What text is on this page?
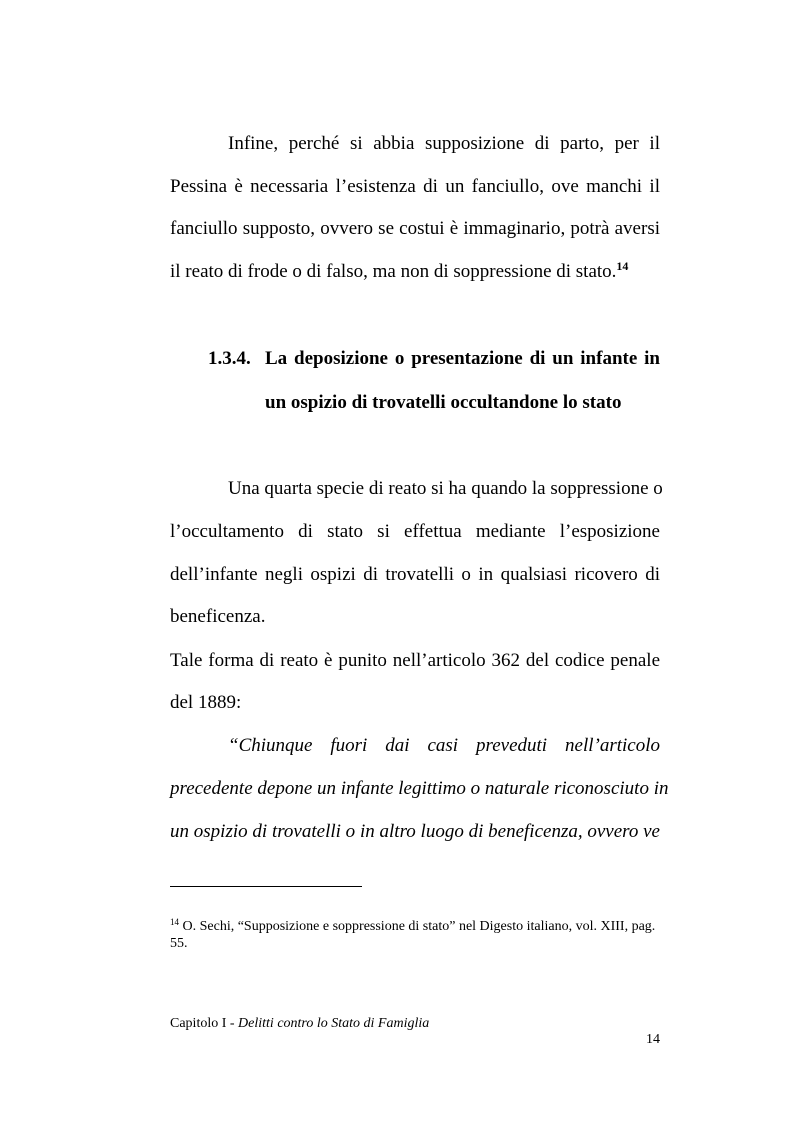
Infine, perché si abbia supposizione di parto, per il
Pessina è necessaria l’esistenza di un fanciullo, ove manchi il
fanciullo supposto, ovvero se costui è immaginario, potrà aversi
il reato di frode o di falso, ma non di soppressione di stato.$^{14}$
1.3.4. La deposizione o presentazione di un infante in
un ospizio di trovatelli occultandone lo stato
Una quarta specie di reato si ha quando la soppressione o
l’occultamento di stato si effettua mediante l’esposizione
dell’infante negli ospizi di trovatelli o in qualsiasi ricovero di
beneficenza.
Tale forma di reato è punito nell’articolo 362 del codice penale
del 1889:
“Chiunque fuori dai casi preveduti nell’articolo
precedente depone un infante legittimo o naturale riconosciuto in
un ospizio di trovatelli o in altro luogo di beneficenza, ovvero ve
$^{14}$ O. Sechi, “Supposizione e soppressione di stato” nel Digesto italiano, vol. XIII, pag. 55.
Capitolo I - Delitti contro lo Stato di Famiglia
14
